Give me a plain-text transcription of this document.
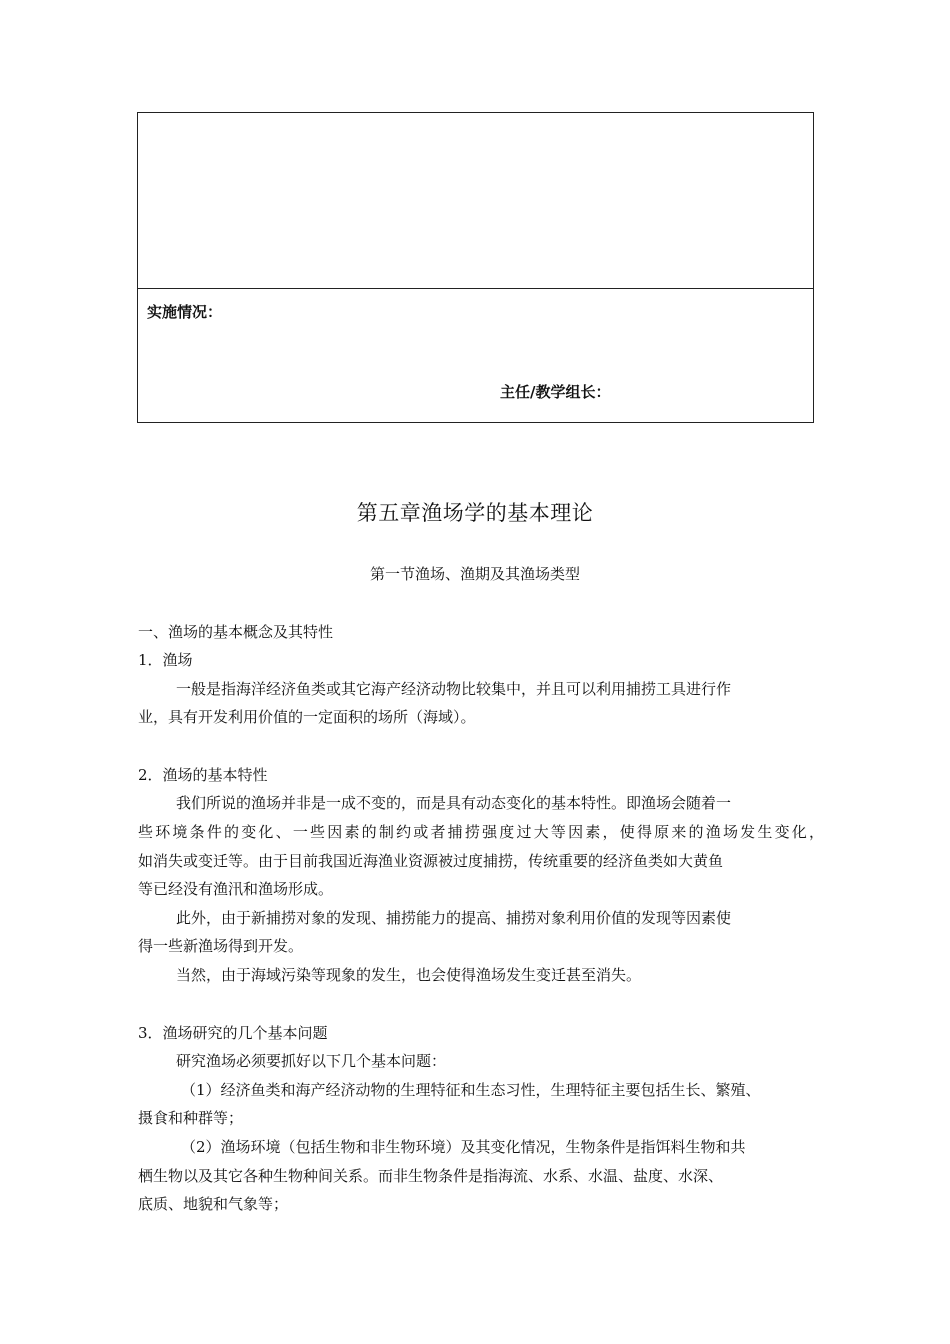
实施情况：
主任/教学组长：
第五章渔场学的基本理论
第一节渔场、渔期及其渔场类型
一、渔场的基本概念及其特性
1．渔场
一般是指海洋经济鱼类或其它海产经济动物比较集中，并且可以利用捕捞工具进行作
业，具有开发利用价值的一定面积的场所（海域）。
2．渔场的基本特性
我们所说的渔场并非是一成不变的，而是具有动态变化的基本特性。即渔场会随着一
些环境条件的变化、一些因素的制约或者捕捞强度过大等因素，使得原来的渔场发生变化，
如消失或变迁等。由于目前我国近海渔业资源被过度捕捞，传统重要的经济鱼类如大黄鱼
等已经没有渔汛和渔场形成。
此外，由于新捕捞对象的发现、捕捞能力的提高、捕捞对象利用价值的发现等因素使
得一些新渔场得到开发。
当然，由于海域污染等现象的发生，也会使得渔场发生变迁甚至消失。
3．渔场研究的几个基本问题
研究渔场必须要抓好以下几个基本问题：
（1）经济鱼类和海产经济动物的生理特征和生态习性，生理特征主要包括生长、繁殖、
摄食和种群等；
（2）渔场环境（包括生物和非生物环境）及其变化情况，生物条件是指饵料生物和共
栖生物以及其它各种生物种间关系。而非生物条件是指海流、水系、水温、盐度、水深、
底质、地貌和气象等；
